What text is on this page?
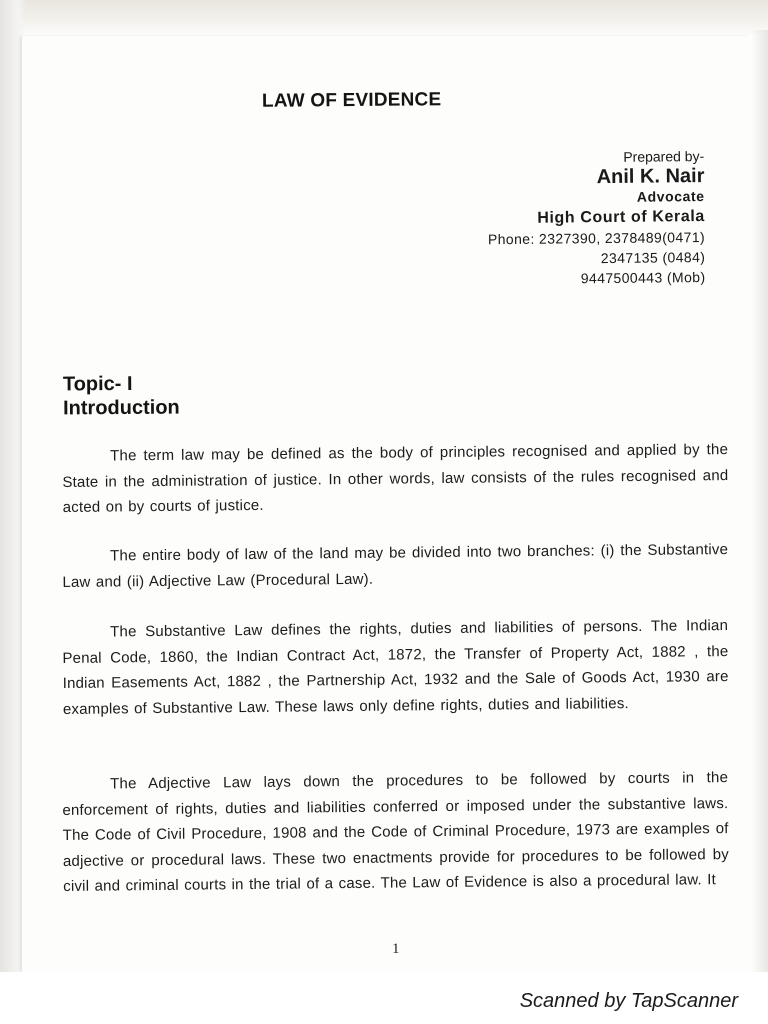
LAW OF EVIDENCE
Prepared by-
Anil K. Nair
Advocate
High Court of Kerala
Phone: 2327390, 2378489(0471)
2347135 (0484)
9447500443 (Mob)
Topic- I
Introduction

The term law may be defined as the body of principles recognised and applied by the State in the administration of justice. In other words, law consists of the rules recognised and acted on by courts of justice.

The entire body of law of the land may be divided into two branches: (i) the Substantive Law and (ii) Adjective Law (Procedural Law).

The Substantive Law defines the rights, duties and liabilities of persons. The Indian Penal Code, 1860, the Indian Contract Act, 1872, the Transfer of Property Act, 1882 , the Indian Easements Act, 1882 , the Partnership Act, 1932 and the Sale of Goods Act, 1930 are examples of Substantive Law. These laws only define rights, duties and liabilities.

The Adjective Law lays down the procedures to be followed by courts in the enforcement of rights, duties and liabilities conferred or imposed under the substantive laws. The Code of Civil Procedure, 1908 and the Code of Criminal Procedure, 1973 are examples of adjective or procedural laws. These two enactments provide for procedures to be followed by civil and criminal courts in the trial of a case. The Law of Evidence is also a procedural law. It

1
Scanned by TapScanner
